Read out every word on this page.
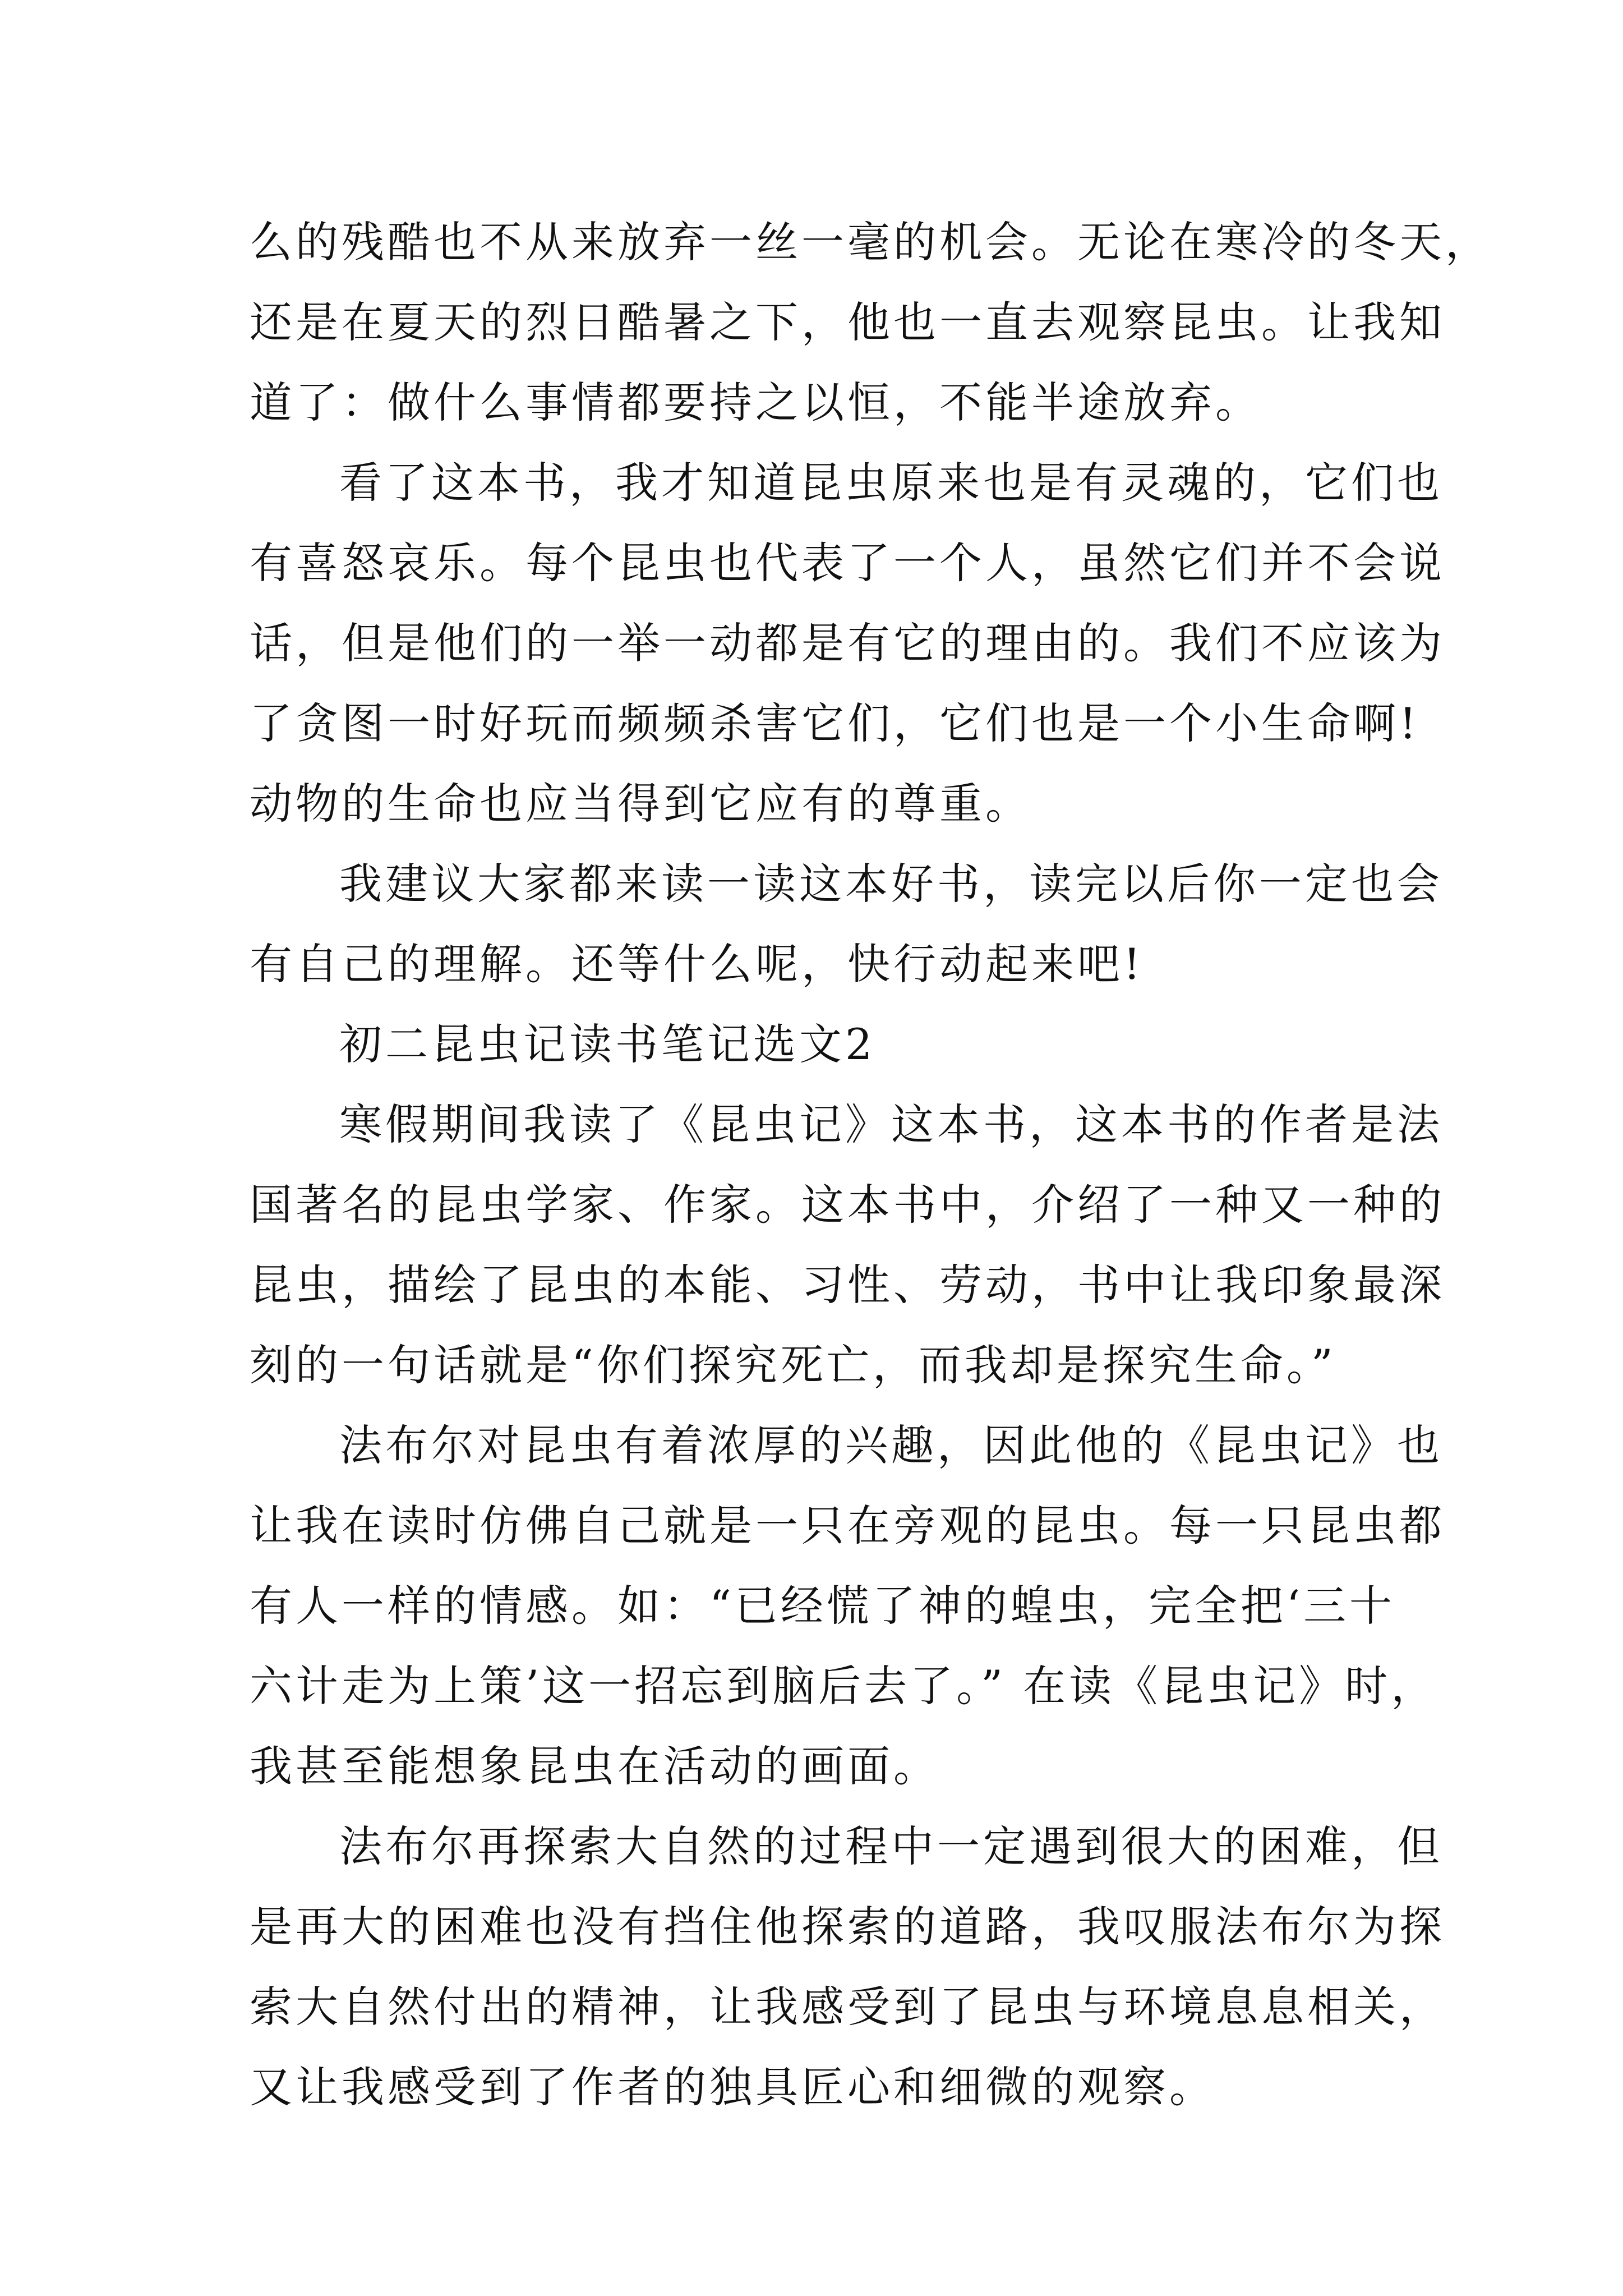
么的残酷也不从来放弃一丝一毫的机会。无论在寒冷的冬天，
还是在夏天的烈日酷暑之下，他也一直去观察昆虫。让我知
道了：做什么事情都要持之以恒，不能半途放弃。
看了这本书，我才知道昆虫原来也是有灵魂的，它们也
有喜怒哀乐。每个昆虫也代表了一个人，虽然它们并不会说
话，但是他们的一举一动都是有它的理由的。我们不应该为
了贪图一时好玩而频频杀害它们，它们也是一个小生命啊!
动物的生命也应当得到它应有的尊重。
我建议大家都来读一读这本好书，读完以后你一定也会
有自己的理解。还等什么呢，快行动起来吧!
初二昆虫记读书笔记选文2
寒假期间我读了《昆虫记》这本书，这本书的作者是法
国著名的昆虫学家、作家。这本书中，介绍了一种又一种的
昆虫，描绘了昆虫的本能、习性、劳动，书中让我印象最深
刻的一句话就是“你们探究死亡，而我却是探究生命。”
法布尔对昆虫有着浓厚的兴趣，因此他的《昆虫记》也
让我在读时仿佛自己就是一只在旁观的昆虫。每一只昆虫都
有人一样的情感。如：“已经慌了神的蝗虫，完全把‘三十
六计走为上策’这一招忘到脑后去了。” 在读《昆虫记》时，
我甚至能想象昆虫在活动的画面。
法布尔再探索大自然的过程中一定遇到很大的困难，但
是再大的困难也没有挡住他探索的道路，我叹服法布尔为探
索大自然付出的精神，让我感受到了昆虫与环境息息相关，
又让我感受到了作者的独具匠心和细微的观察。
